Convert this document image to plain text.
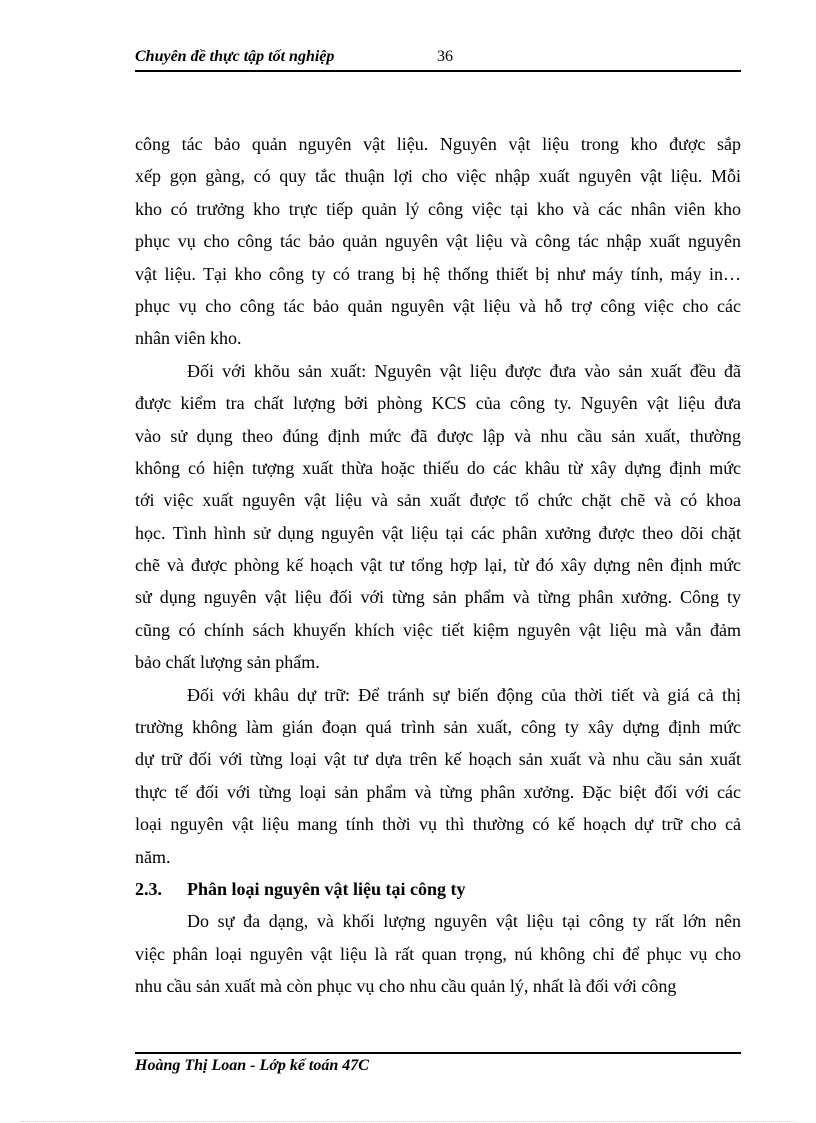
Chuyên đề thực tập tốt nghiệp	36
công tác bảo quản nguyên vật liệu. Nguyên vật liệu trong kho được sắp
xếp gọn gàng, có quy tắc thuận lợi cho việc nhập xuất nguyên vật liệu. Mỗi
kho có trưởng kho trực tiếp quản lý công việc tại kho và các nhân viên kho
phục vụ cho công tác bảo quản nguyên vật liệu và công tác nhập xuất nguyên
vật liệu. Tại kho công ty có trang bị hệ thống thiết bị như máy tính, máy in…
phục vụ cho công tác bảo quản nguyên vật liệu và hỗ trợ công việc cho các
nhân viên kho.
Đối với khõu sản xuất: Nguyên vật liệu được đưa vào sản xuất đều đã
được kiểm tra chất lượng bởi phòng KCS của công ty. Nguyên vật liệu đưa
vào sử dụng theo đúng định mức đã được lập và nhu cầu sản xuất, thường
không có hiện tượng xuất thừa hoặc thiếu do các khâu từ xây dựng định mức
tới việc xuất nguyên vật liệu và sản xuất được tổ chức chặt chẽ và có khoa
học. Tình hình sử dụng nguyên vật liệu tại các phân xưởng được theo dõi chặt
chẽ và được phòng kế hoạch vật tư tổng hợp lại, từ đó xây dựng nên định mức
sử dụng nguyên vật liệu đối với từng sản phẩm và từng phân xưởng. Công ty
cũng có chính sách khuyến khích việc tiết kiệm nguyên vật liệu mà vẫn đảm
bảo chất lượng sản phẩm.
Đối với khâu dự trữ: Để tránh sự biến động của thời tiết và giá cả thị
trường không làm gián đoạn quá trình sản xuất, công ty xây dựng định mức
dự trữ đối với từng loại vật tư dựa trên kế hoạch sản xuất và nhu cầu sản xuất
thực tế đối với từng loại sản phẩm và từng phân xưởng. Đặc biệt đối với các
loại nguyên vật liệu mang tính thời vụ thì thường có kế hoạch dự trữ cho cả
năm.
2.3. Phân loại nguyên vật liệu tại công ty
Do sự đa dạng, và khối lượng nguyên vật liệu tại công ty rất lớn nên
việc phân loại nguyên vật liệu là rất quan trọng, nú không chỉ để phục vụ cho
nhu cầu sản xuất mà còn phục vụ cho nhu cầu quản lý, nhất là đối với công
Hoàng Thị Loan - Lớp kế toán 47C
